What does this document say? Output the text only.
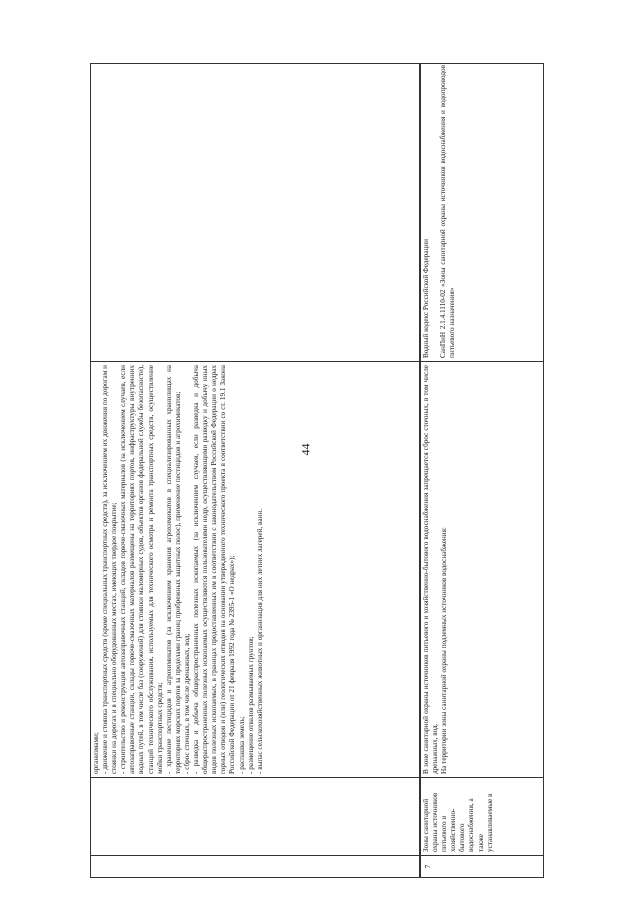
44

организмами; - движение и стоянка транспортных средств (кроме специальных транспортных средств), за исключением их движения по дорогам и стоянки на дорогах и в специально оборудованных местах, имеющих твердое покрытие; - строительство и реконструкция автозаправочных станций, складов горюче-смазочных материалов (за исключением случаев, если автозаправочные станции, склады горюче-смазочных материалов размещены на территориях портов, инфраструктуры внутренних водных путей, в том числе баз (сооружений) для стоянки маломерных судов, объектов органов федеральной службы безопасности), станций технического обслуживания, используемых для технического осмотра и ремонта транспортных средств, осуществление мойки транспортных средств; - хранение пестицидов и агрохимикатов (за исключением хранения агрохимикатов в специализированных хранилищах на территориях морских портов за пределами границ прибрежных защитных полос), применение пестицидов и агрохимикатов; - сброс сточных, в том числе дренажных, вод; - разведка и добыча общераспространенных полезных ископаемых (за исключением случаев, если разведка и добыча общераспространенных полезных ископаемых осуществляются пользователями недр, осуществляющими разведку и добычу иных видов полезных ископаемых, в границах предоставленных им в соответствии с законодательством Российской Федерации о недрах горных отводов и (или) геологических отводов на основании утвержденного технического проекта в соответствии со ст. 19.1 Закона Российской Федерации от 21 февраля 1992 года № 2395-1 «О недрах»); - распашка земель; - размещение отвалов размываемых грунтов; - выпас сельскохозяйственных животных и организация для них летних лагерей, ванн.

7

Зоны санитарной охраны источников питьевого и хозяйственно-бытового водоснабжения, а также устанавливаемые в

В зоне санитарной охраны источников питьевого и хозяйственно-бытового водоснабжения запрещается сброс сточных, в том числе дренажных, вод. На территории зоны санитарной охраны подземных источников водоснабжения:

Водный кодекс Российской Федерации СанПиН 2.1.4.1110-02 «Зоны санитарной охраны источников водоснабжения и водопроводов питьевого назначения»
